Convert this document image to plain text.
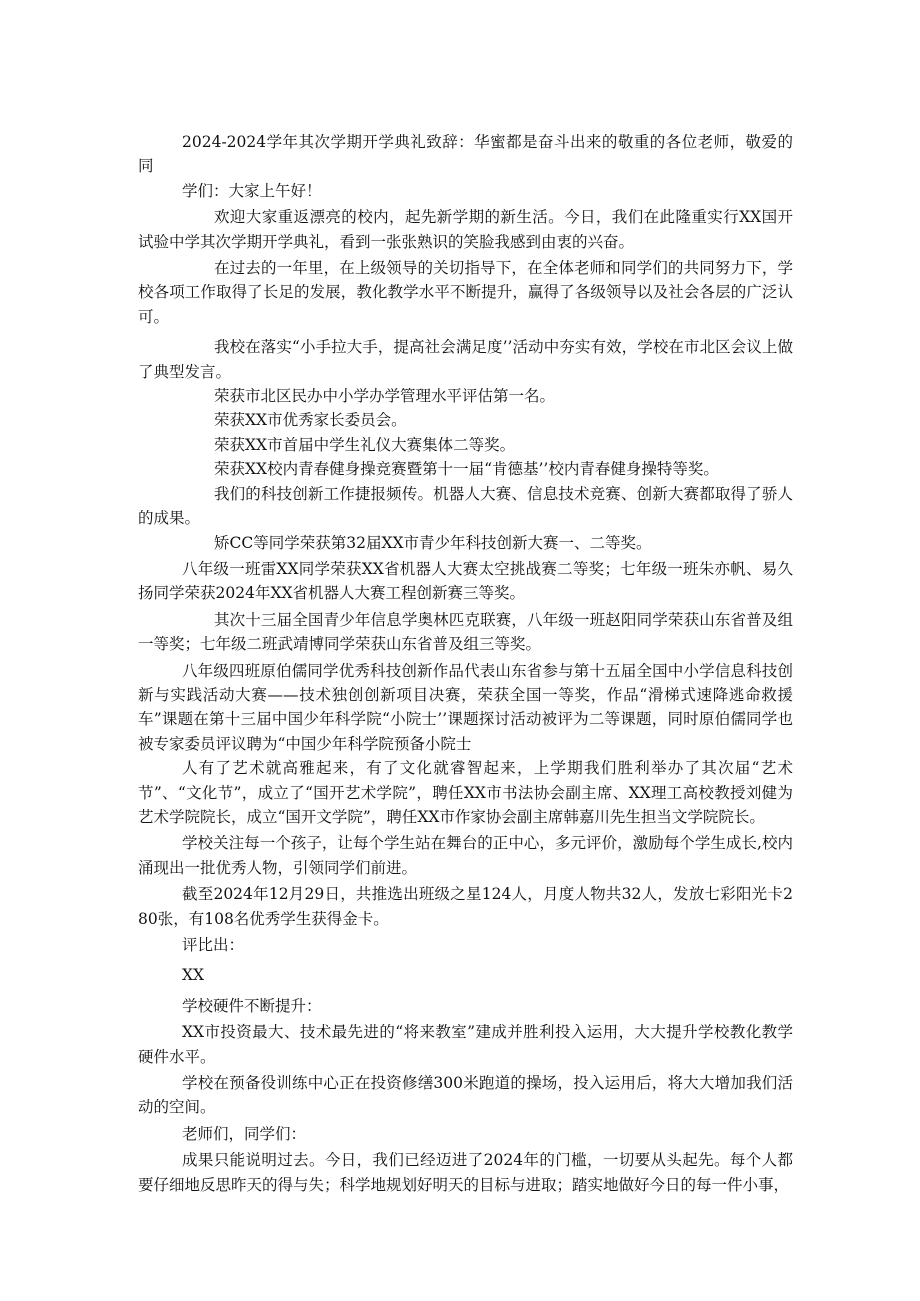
2024-2024学年其次学期开学典礼致辞：华蜜都是奋斗出来的敬重的各位老师，敬爱的同

学们：大家上午好！

欢迎大家重返漂亮的校内，起先新学期的新生活。今日，我们在此隆重实行XX国开试验中学其次学期开学典礼，看到一张张熟识的笑脸我感到由衷的兴奋。

在过去的一年里，在上级领导的关切指导下，在全体老师和同学们的共同努力下，学校各项工作取得了长足的发展，教化教学水平不断提升，赢得了各级领导以及社会各层的广泛认可。

我校在落实“小手拉大手，提高社会满足度’’活动中夯实有效，学校在市北区会议上做了典型发言。

荣获市北区民办中小学办学管理水平评估第一名。

荣获XX市优秀家长委员会。

荣获XX市首届中学生礼仪大赛集体二等奖。

荣获XX校内青春健身操竞赛暨第十一届“肯德基’’校内青春健身操特等奖。

我们的科技创新工作捷报频传。机器人大赛、信息技术竞赛、创新大赛都取得了骄人的成果。

矫CC等同学荣获第32届XX市青少年科技创新大赛一、二等奖。

八年级一班雷XX同学荣获XX省机器人大赛太空挑战赛二等奖；七年级一班朱亦帆、易久扬同学荣获2024年XX省机器人大赛工程创新赛三等奖。

其次十三届全国青少年信息学奥林匹克联赛，八年级一班赵阳同学荣获山东省普及组一等奖；七年级二班武靖博同学荣获山东省普及组三等奖。

八年级四班原伯儒同学优秀科技创新作品代表山东省参与第十五届全国中小学信息科技创新与实践活动大赛——技术独创创新项目决赛，荣获全国一等奖，作品“滑梯式速降逃命救援车”课题在第十三届中国少年科学院“小院士’’课题探讨活动被评为二等课题，同时原伯儒同学也被专家委员评议聘为“中国少年科学院预备小院士

人有了艺术就高雅起来，有了文化就睿智起来，上学期我们胜利举办了其次届“艺术节”、“文化节”，成立了“国开艺术学院”，聘任XX市书法协会副主席、XX理工高校教授刘健为艺术学院院长，成立“国开文学院”，聘任XX市作家协会副主席韩嘉川先生担当文学院院长。

学校关注每一个孩子，让每个学生站在舞台的正中心，多元评价，激励每个学生成长,校内涌现出一批优秀人物，引领同学们前进。

截至2024年12月29日，共推选出班级之星124人，月度人物共32人，发放七彩阳光卡280张，有108名优秀学生获得金卡。

评比出：

XX

学校硬件不断提升：

XX市投资最大、技术最先进的“将来教室”建成并胜利投入运用，大大提升学校教化教学硬件水平。

学校在预备役训练中心正在投资修缮300米跑道的操场，投入运用后，将大大增加我们活动的空间。

老师们，同学们：

成果只能说明过去。今日，我们已经迈进了2024年的门槛，一切要从头起先。每个人都要仔细地反思昨天的得与失；科学地规划好明天的目标与进取；踏实地做好今日的每一件小事，
